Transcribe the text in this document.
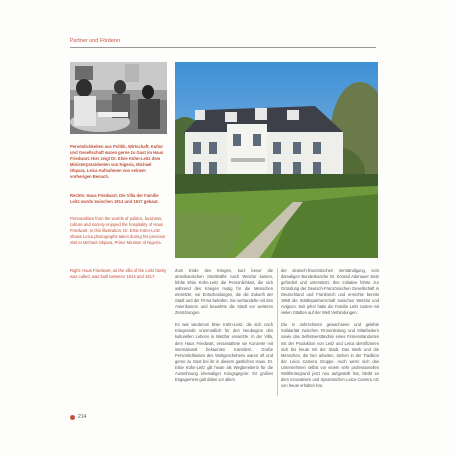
Partner und Förderer

Persönlichkeiten aus Politik, Wirtschaft, Kultur und Gesellschaft waren gerne zu Gast im Haus Friedwart. Hier zeigt Dr. Elsie Kühn-Leitz dem Ministerpräsidenten von Nigeria, Michael Okpara, Leica Aufnahmen von seinem vorherigen Besuch.

Rechts: Haus Friedwart. Die Villa der Familie Leitz wurde zwischen 1914 und 1917 gebaut.

Personalities from the worlds of politics, business, culture and society enjoyed the hospitality of Haus Friedwart. In this illustration, Dr. Elsie Kühn-Leitz shows Leica photographs taken during his previous visit to Michael Okpara, Prime Minister of Nigeria.

Right: Haus Friedwart, as the villa of the Leitz family was called, was built between 1914 and 1917.

Zum Ende des Krieges, kurz bevor die amerikanischen Streitkräfte nach Wetzlar kamen, fühlte Elsie Kühn-Leitz die Persönlichkeit, die sich während des Krieges mutig für die Menschen einsetzte, vor Entscheidungen, die die Zukunft der Stadt und der Firma betrafen. Sie verhandelte mit den Amerikanern und bewahrte die Stadt vor weiteren Zerstörungen.

Es war wiederum Elsie Kühn-Leitz, die sich nach Kriegsende unermüdlich für den Neubeginn des kulturellen Lebens in Wetzlar einsetzte. In der Villa, dem Haus Friedwart, veranstaltete sie Konzerte mit international bekannten Künstlern. Große Persönlichkeiten des Weltgeschehens waren oft und gerne zu Gast bei ihr in diesem gastlichen Haus. Dr. Elsie Kühn-Leitz gilt heute als Wegbereiterin für die Aussöhnung ehemaliger Kriegsgegner. Ihr großes Engagement galt dabei vor allem

der deutsch-französischen Verständigung, vom damaligen Bundeskanzler Dr. Konrad Adenauer stets gefördert und unterstützt. Ihre Initiative führte zur Gründung der Deutsch-Französischen Gesellschaft in Deutschland und Frankreich und erreichte bereits 1968 die Städtepartnerschaft zwischen Wetzlar und Avignon. Seit jeher hatte die Familie Leitz zudem mit vielen Städten auf der Welt Verbindungen.

Die in Jahrzehnten gewachsene und gelebte Solidarität zwischen Firmenleitung und Mitarbeitern sowie das Selbstverständnis eines Firmenstandortes mit der Produktion von Leitz und Leica identifizieren sich bis heute mit der Stadt. Das Werk und die Menschen, die hier arbeiten, stehen in der Tradition der Leica Camera Gruppe. Auch wenn sich das Unternehmen selbst vor einem sehr professionellen Welthintergrund jetzt neu aufgestellt hat, bleibt es dem innovativen und dynamischen Leica Camera AG von heute erhalten hat.

214
